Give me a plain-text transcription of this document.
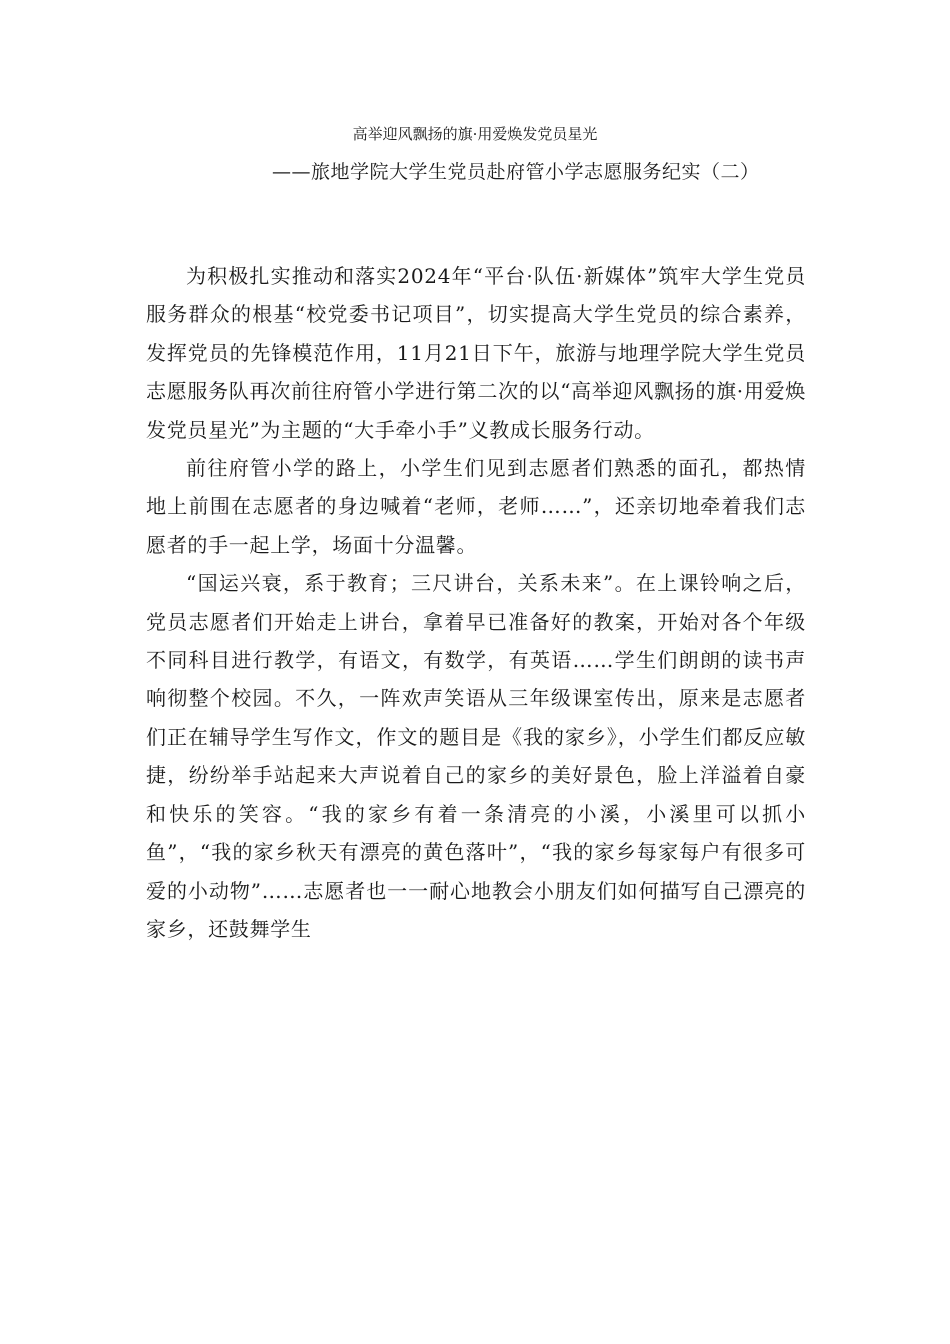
高举迎风飘扬的旗·用爱焕发党员星光
——旅地学院大学生党员赴府管小学志愿服务纪实（二）

为积极扎实推动和落实2024年“平台·队伍·新媒体”筑牢大学生党员服务群众的根基“校党委书记项目”，切实提高大学生党员的综合素养，发挥党员的先锋模范作用，11月21日下午，旅游与地理学院大学生党员志愿服务队再次前往府管小学进行第二次的以“高举迎风飘扬的旗·用爱焕发党员星光”为主题的“大手牵小手”义教成长服务行动。

前往府管小学的路上，小学生们见到志愿者们熟悉的面孔，都热情地上前围在志愿者的身边喊着“老师，老师……”，还亲切地牵着我们志愿者的手一起上学，场面十分温馨。

“国运兴衰，系于教育；三尺讲台，关系未来”。在上课铃响之后，党员志愿者们开始走上讲台，拿着早已准备好的教案，开始对各个年级不同科目进行教学，有语文，有数学，有英语……学生们朗朗的读书声响彻整个校园。不久，一阵欢声笑语从三年级课室传出，原来是志愿者们正在辅导学生写作文，作文的题目是《我的家乡》，小学生们都反应敏捷，纷纷举手站起来大声说着自己的家乡的美好景色，脸上洋溢着自豪和快乐的笑容。“我的家乡有着一条清亮的小溪，小溪里可以抓小鱼”，“我的家乡秋天有漂亮的黄色落叶”，“我的家乡每家每户有很多可爱的小动物”……志愿者也一一耐心地教会小朋友们如何描写自己漂亮的家乡，还鼓舞学生
